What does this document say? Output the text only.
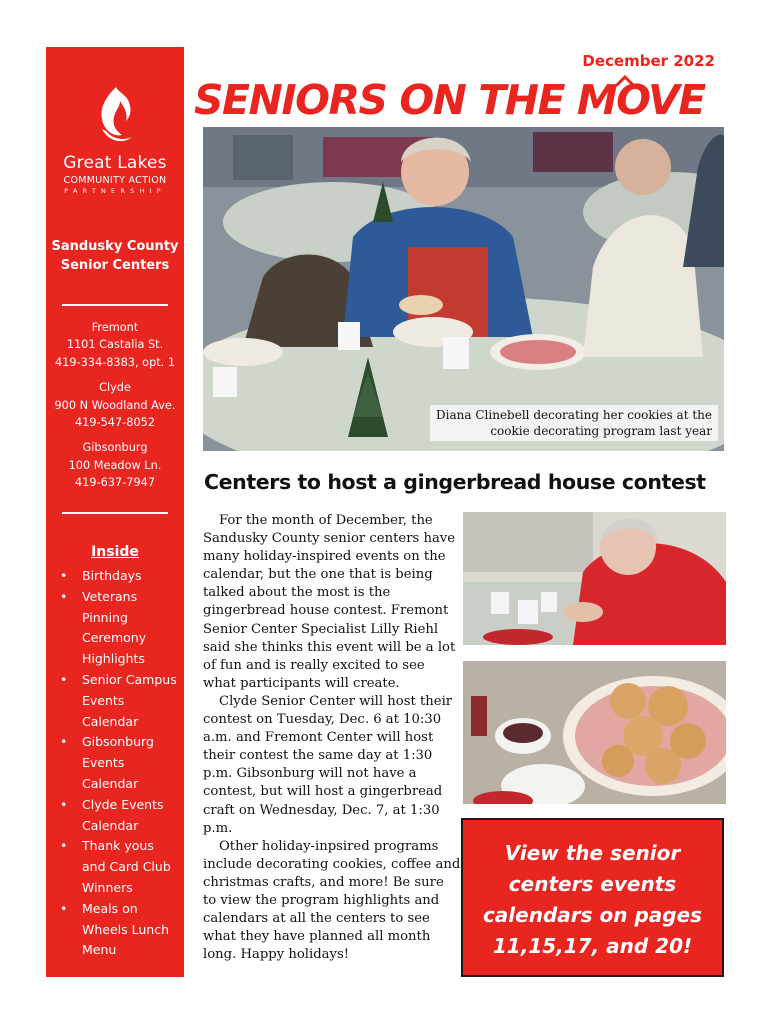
Great Lakes
COMMUNITY ACTION
PARTNERSHIP
Sandusky County
Senior Centers
Fremont
1101 Castalia St.
419-334-8383, opt. 1
Clyde
900 N Woodland Ave.
419-547-8052
Gibsonburg
100 Meadow Ln.
419-637-7947
Inside
• Birthdays
• Veterans
Pinning
Ceremony
Highlights
• Senior Campus
Events
Calendar
• Gibsonburg
Events
Calendar
• Clyde Events
Calendar
• Thank yous
and Card Club
Winners
• Meals on
Wheels Lunch
Menu
December 2022
SENIORS ON THE MOVE
Diana Clinebell decorating her cookies at the
cookie decorating program last year
Centers to host a gingerbread house contest

For the month of December, the Sandusky County senior centers have many holiday-inspired events on the calendar, but the one that is being talked about the most is the gingerbread house contest. Fremont Senior Center Specialist Lilly Riehl said she thinks this event will be a lot of fun and is really excited to see what participants will create.

Clyde Senior Center will host their contest on Tuesday, Dec. 6 at 10:30 a.m. and Fremont Center will host their contest the same day at 1:30 p.m. Gibsonburg will not have a contest, but will host a gingerbread craft on Wednesday, Dec. 7, at 1:30 p.m.

Other holiday-inpsired programs include decorating cookies, coffee and christmas crafts, and more! Be sure to view the program highlights and calendars at all the centers to see what they have planned all month long. Happy holidays!

View the senior
centers events
calendars on pages
11,15,17, and 20!
